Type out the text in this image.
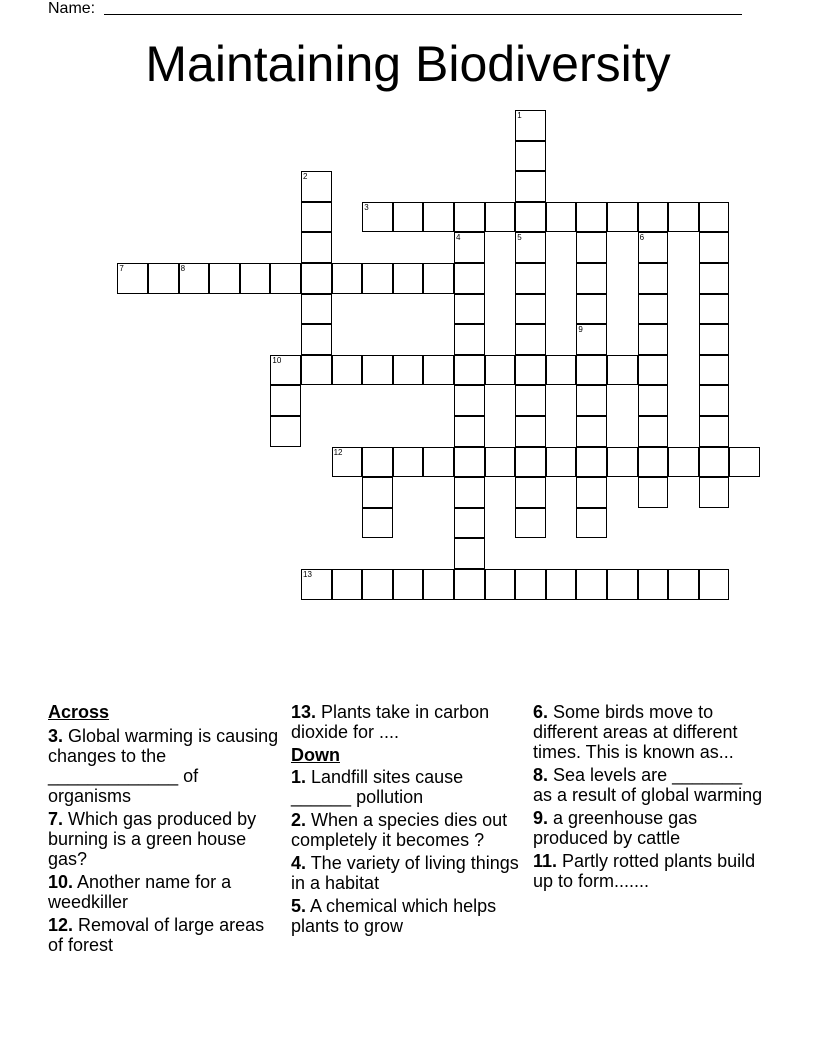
Name:
Maintaining Biodiversity
1
2
3
4	5	6
7	8
9
10
12
13
Across
3. Global warming is causing changes to the _____________ of organisms
7. Which gas produced by burning is a green house gas?
10. Another name for a weedkiller
12. Removal of large areas of forest
13. Plants take in carbon dioxide for ....
Down
1. Landfill sites cause ______ pollution
2. When a species dies out completely it becomes ?
4. The variety of living things in a habitat
5. A chemical which helps plants to grow
6. Some birds move to different areas at different times. This is known as...
8. Sea levels are _______ as a result of global warming
9. a greenhouse gas produced by cattle
11. Partly rotted plants build up to form.......
